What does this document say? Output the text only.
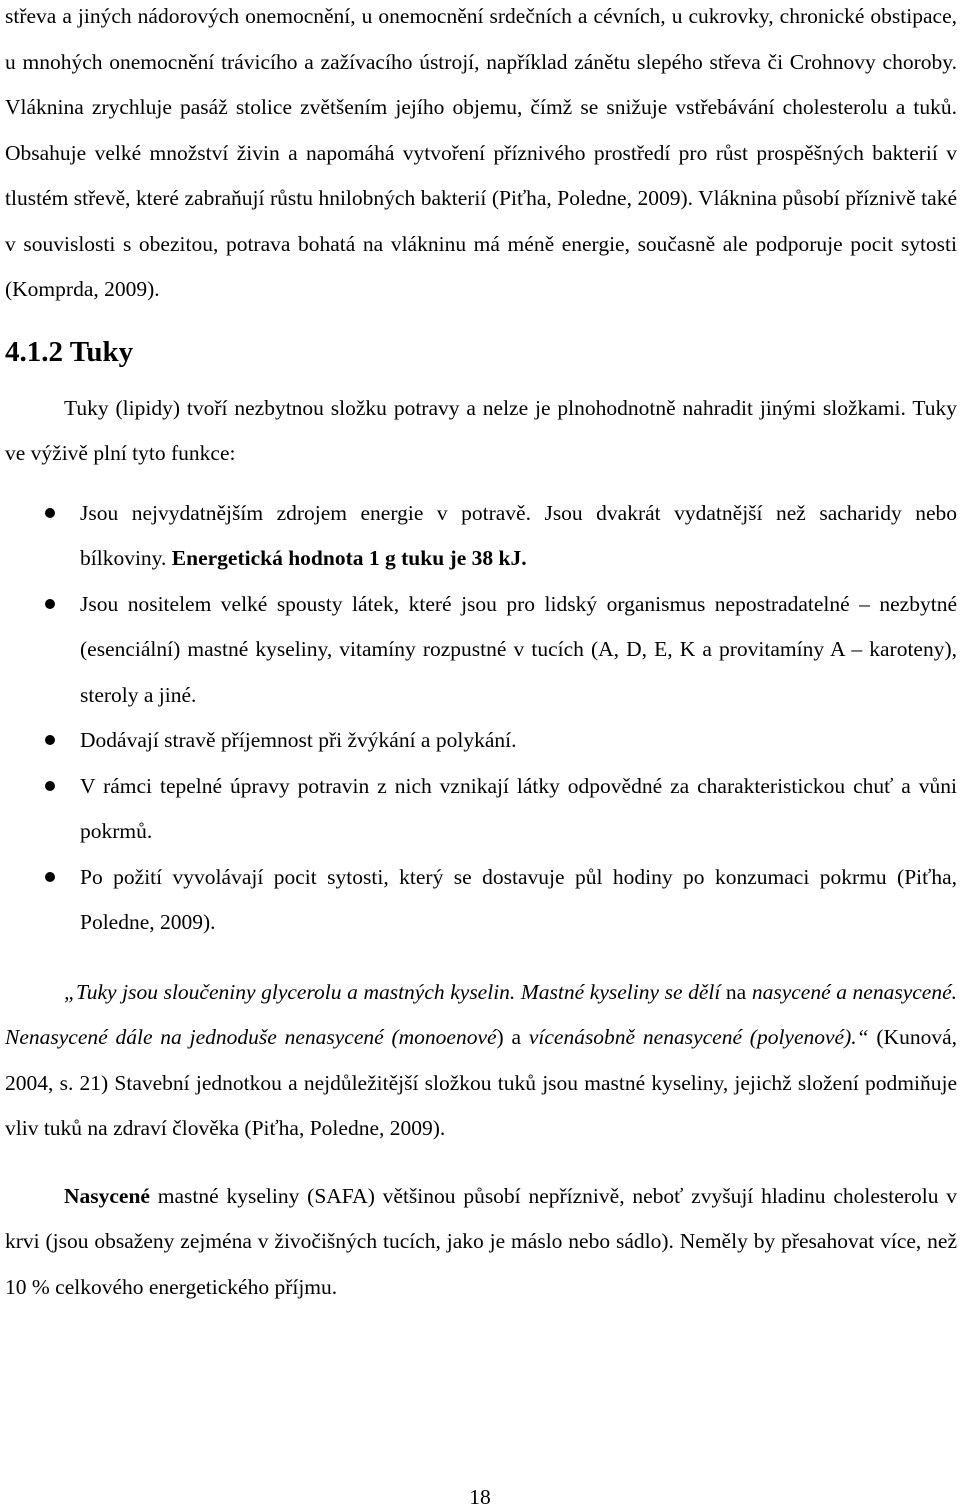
střeva a jiných nádorových onemocnění, u onemocnění srdečních a cévních, u cukrovky, chronické obstipace, u mnohých onemocnění trávicího a zažívacího ústrojí, například zánětu slepého střeva či Crohnovy choroby. Vláknina zrychluje pasáž stolice zvětšením jejího objemu, čímž se snižuje vstřebávání cholesterolu a tuků. Obsahuje velké množství živin a napomáhá vytvoření příznivého prostředí pro růst prospěšných bakterií v tlustém střevě, které zabraňují růstu hnilobných bakterií (Piťha, Poledne, 2009). Vláknina působí příznivě také v souvislosti s obezitou, potrava bohatá na vlákninu má méně energie, současně ale podporuje pocit sytosti (Komprda, 2009).

4.1.2 Tuky

Tuky (lipidy) tvoří nezbytnou složku potravy a nelze je plnohodnotně nahradit jinými složkami. Tuky ve výživě plní tyto funkce:

Jsou nejvydatnějším zdrojem energie v potravě. Jsou dvakrát vydatnější než sacharidy nebo bílkoviny. Energetická hodnota 1 g tuku je 38 kJ.
Jsou nositelem velké spousty látek, které jsou pro lidský organismus nepostradatelné – nezbytné (esenciální) mastné kyseliny, vitamíny rozpustné v tucích (A, D, E, K a provitamíny A – karoteny), steroly a jiné.
Dodávají stravě příjemnost při žvýkání a polykání.
V rámci tepelné úpravy potravin z nich vznikají látky odpovědné za charakteristickou chuť a vůni pokrmů.
Po požití vyvolávají pocit sytosti, který se dostavuje půl hodiny po konzumaci pokrmu (Piťha, Poledne, 2009).

„Tuky jsou sloučeniny glycerolu a mastných kyselin. Mastné kyseliny se dělí na nasycené a nenasycené. Nenasycené dále na jednoduše nenasycené (monoenové) a vícenásobně nenasycené (polyenové).“ (Kunová, 2004, s. 21) Stavební jednotkou a nejdůležitější složkou tuků jsou mastné kyseliny, jejichž složení podmiňuje vliv tuků na zdraví člověka (Piťha, Poledne, 2009).

Nasycené mastné kyseliny (SAFA) většinou působí nepříznivě, neboť zvyšují hladinu cholesterolu v krvi (jsou obsaženy zejména v živočišných tucích, jako je máslo nebo sádlo). Neměly by přesahovat více, než 10 % celkového energetického příjmu.

18
